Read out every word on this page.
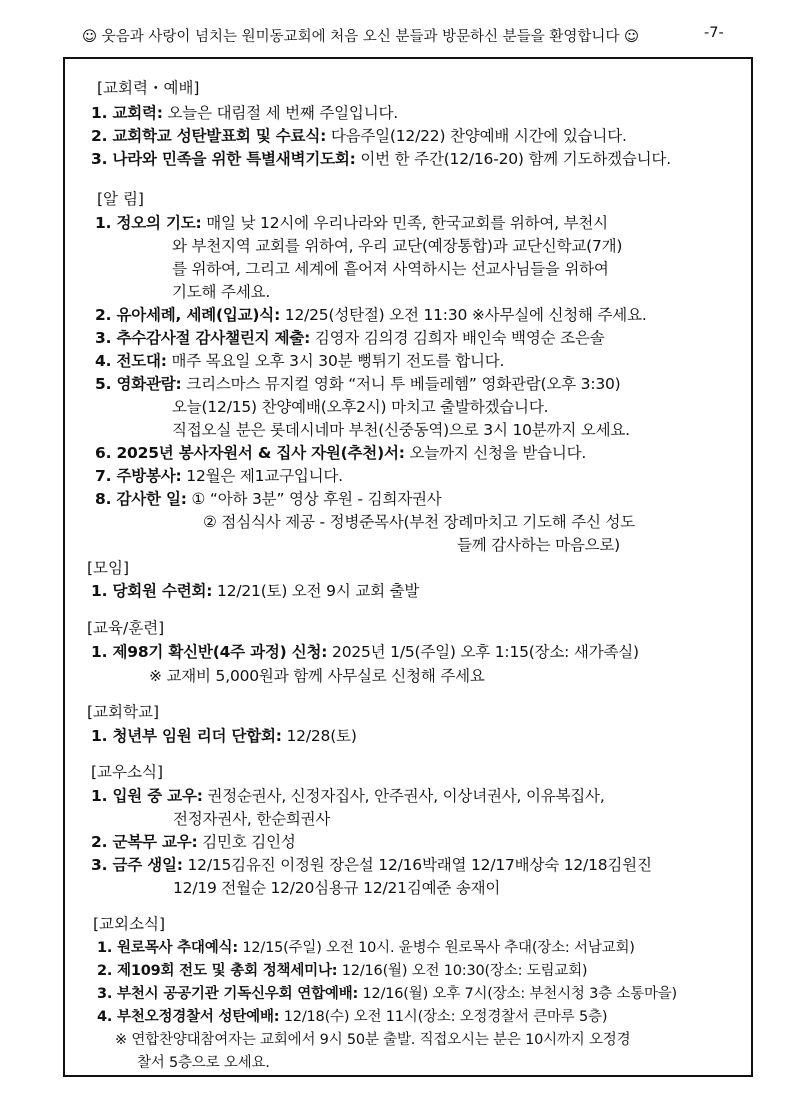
☺ 웃음과 사랑이 넘치는 원미동교회에 처음 오신 분들과 방문하신 분들을 환영합니다 ☺	-7-
[교회력・예배]
1. 교회력: 오늘은 대림절 세 번째 주일입니다.
2. 교회학교 성탄발표회 및 수료식: 다음주일(12/22) 찬양예배 시간에 있습니다.
3. 나라와 민족을 위한 특별새벽기도회: 이번 한 주간(12/16-20) 함께 기도하겠습니다.
[알 림]
1. 정오의 기도: 매일 낮 12시에 우리나라와 민족, 한국교회를 위하여, 부천시
와 부천지역 교회를 위하여, 우리 교단(예장통합)과 교단신학교(7개)
를 위하여, 그리고 세계에 흩어져 사역하시는 선교사님들을 위하여
기도해 주세요.
2. 유아세례, 세례(입교)식: 12/25(성탄절) 오전 11:30 ※사무실에 신청해 주세요.
3. 추수감사절 감사챌린지 제출: 김영자 김의경 김희자 배인숙 백영순 조은솔
4. 전도대: 매주 목요일 오후 3시 30분 뻥튀기 전도를 합니다.
5. 영화관람: 크리스마스 뮤지컬 영화 “저니 투 베들레헴” 영화관람(오후 3:30)
오늘(12/15) 찬양예배(오후2시) 마치고 출발하겠습니다.
직접오실 분은 롯데시네마 부천(신중동역)으로 3시 10분까지 오세요.
6. 2025년 봉사자원서 & 집사 자원(추천)서: 오늘까지 신청을 받습니다.
7. 주방봉사: 12월은 제1교구입니다.
8. 감사한 일: ① “아하 3분” 영상 후원 - 김희자권사
② 점심식사 제공 - 정병준목사(부천 장례마치고 기도해 주신 성도
들께 감사하는 마음으로)
[모임]
1. 당회원 수련회: 12/21(토) 오전 9시 교회 출발
[교육/훈련]
1. 제98기 확신반(4주 과정) 신청: 2025년 1/5(주일) 오후 1:15(장소: 새가족실)
※ 교재비 5,000원과 함께 사무실로 신청해 주세요
[교회학교]
1. 청년부 임원 리더 단합회: 12/28(토)
[교우소식]
1. 입원 중 교우: 권정순권사, 신정자집사, 안주권사, 이상녀권사, 이유복집사,
전정자권사, 한순희권사
2. 군복무 교우: 김민호 김인성
3. 금주 생일: 12/15김유진 이정원 장은설 12/16박래열 12/17배상숙 12/18김원진
12/19 전월순 12/20심용규 12/21김예준 송재이
[교외소식]
1. 원로목사 추대예식: 12/15(주일) 오전 10시. 윤병수 원로목사 추대(장소: 서남교회)
2. 제109회 전도 및 총회 정책세미나: 12/16(월) 오전 10:30(장소: 도림교회)
3. 부천시 공공기관 기독신우회 연합예배: 12/16(월) 오후 7시(장소: 부천시청 3층 소통마을)
4. 부천오정경찰서 성탄예배: 12/18(수) 오전 11시(장소: 오정경찰서 큰마루 5층)
※ 연합찬양대참여자는 교회에서 9시 50분 출발. 직접오시는 분은 10시까지 오정경
찰서 5층으로 오세요.
